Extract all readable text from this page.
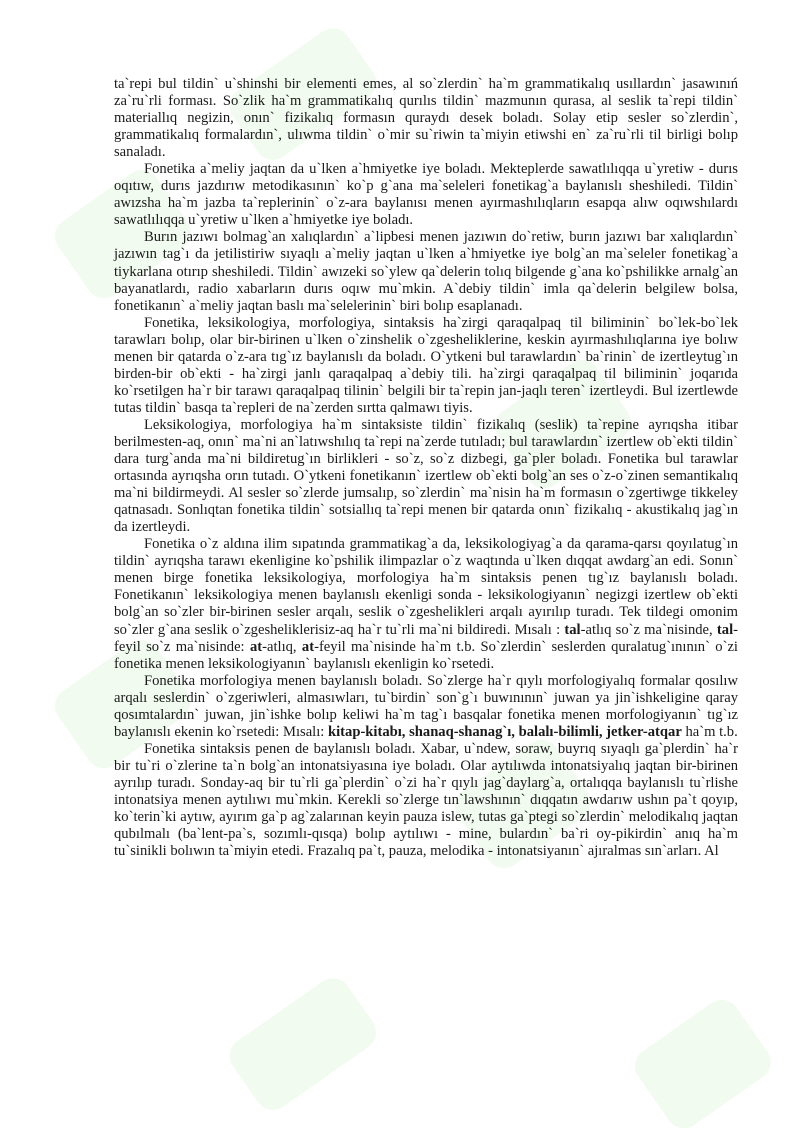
ta`repi bul tildin` u`shinshi bir elementi emes, al so`zlerdin` ha`m grammatikalıq usıllardın` jasawınıń za`ru`rli forması. So`zlik ha`m grammatikalıq qurılıs tildin` mazmunın qurasa, al seslik ta`repi tildin` materiallıq negizin, onın` fizikalıq formasın quraydı desek boladı. Solay etip sesler so`zlerdin`, grammatikalıq formalardın`, ulıwma tildin` o`mir su`riwin ta`miyin etiwshi en` za`ru`rli til birligi bolıp sanaladı.

Fonetika a`meliy jaqtan da u`lken a`hmiyetke iye boladı. Mekteplerde sawatlılıqqa u`yretiw - durıs oqıtıw, durıs jazdırıw metodikasının` ko`p g`ana ma`seleleri fonetikag`a baylanıslı sheshiledi. Tildin` awızsha ha`m jazba ta`replerinin` o`z-ara baylanısı menen ayırmashılıqların esapqa alıw oqıwshılardı sawatlılıqqa u`yretiw u`lken a`hmiyetke iye boladı.

Burın jazıwı bolmag`an xalıqlardın` a`lipbesi menen jazıwın do`retiw, burın jazıwı bar xalıqlardın` jazıwın tag`ı da jetilistiriw sıyaqlı a`meliy jaqtan u`lken a`hmiyetke iye bolg`an ma`seleler fonetikag`a tiykarlana otırıp sheshiledi. Tildin` awızeki so`ylew qa`delerin tolıq bilgende g`ana ko`pshilikke arnalg`an bayanatlardı, radio xabarların durıs oqıw mu`mkin. A`debiy tildin` imla qa`delerin belgilew bolsa, fonetikanın` a`meliy jaqtan baslı ma`selelerinin` biri bolıp esaplanadı.

Fonetika, leksikologiya, morfologiya, sintaksis ha`zirgi qaraqalpaq til biliminin` bo`lek-bo`lek tarawları bolıp, olar bir-birinen u`lken o`zinshelik o`zgesheliklerine, keskin ayırmashılıqlarına iye bolıw menen bir qatarda o`z-ara tıg`ız baylanıslı da boladı. O`ytkeni bul tarawlardın` ba`rinin` de izertleytug`ın birden-bir ob`ekti - ha`zirgi janlı qaraqalpaq a`debiy tili. ha`zirgi qaraqalpaq til biliminin` joqarıda ko`rsetilgen ha`r bir tarawı qaraqalpaq tilinin` belgili bir ta`repin jan-jaqlı teren` izertleydi. Bul izertlewde tutas tildin` basqa ta`repleri de na`zerden sırtta qalmawı tiyis.

Leksikologiya, morfologiya ha`m sintaksiste tildin` fizikalıq (seslik) ta`repine ayrıqsha itibar berilmesten-aq, onın` ma`ni an`latıwshılıq ta`repi na`zerde tutıladı; bul tarawlardın` izertlew ob`ekti tildin` dara turg`anda ma`ni bildiretug`ın birlikleri - so`z, so`z dizbegi, ga`pler boladı. Fonetika bul tarawlar ortasında ayrıqsha orın tutadı. O`ytkeni fonetikanın` izertlew ob`ekti bolg`an ses o`z-o`zinen semantikalıq ma`ni bildirmeydi. Al sesler so`zlerde jumsalıp, so`zlerdin` ma`nisin ha`m formasın o`zgertiwge tikkeley qatnasadı. Sonlıqtan fonetika tildin` sotsiallıq ta`repi menen bir qatarda onın` fizikalıq - akustikalıq jag`ın da izertleydi.

Fonetika o`z aldına ilim sıpatında grammatikag`a da, leksikologiyag`a da qarama-qarsı qoyılatug`ın tildin` ayrıqsha tarawı ekenligine ko`pshilik ilimpazlar o`z waqtında u`lken dıqqat awdarg`an edi. Sonın` menen birge fonetika leksikologiya, morfologiya ha`m sintaksis penen tıg`ız baylanıslı boladı. Fonetikanın` leksikologiya menen baylanıslı ekenligi sonda - leksikologiyanın` negizgi izertlew ob`ekti bolg`an so`zler bir-birinen sesler arqalı, seslik o`zgeshelikleri arqalı ayırılıp turadı. Tek tildegi omonim so`zler g`ana seslik o`zgesheliklerisiz-aq ha`r tu`rli ma`ni bildiredi. Mısalı : tal-atlıq so`z ma`nisinde, tal-feyil so`z ma`nisinde: at-atlıq, at-feyil ma`nisinde ha`m t.b. So`zlerdin` seslerden quralatug`ınının` o`zi fonetika menen leksikologiyanın` baylanıslı ekenligin ko`rsetedi.

Fonetika morfologiya menen baylanıslı boladı. So`zlerge ha`r qıylı morfologiyalıq formalar qosılıw arqalı seslerdin` o`zgeriwleri, almasıwları, tu`birdin` son`g`ı buwınının` juwan ya jin`ishkeligine qaray qosımtalardın` juwan, jin`ishke bolıp keliwi ha`m tag`ı basqalar fonetika menen morfologiyanın` tıg`ız baylanıslı ekenin ko`rsetedi: Mısalı: kitap-kitabı, shanaq-shanag`ı, balalı-bilimli, jetker-atqar ha`m t.b.

Fonetika sintaksis penen de baylanıslı boladı. Xabar, u`ndew, soraw, buyrıq sıyaqlı ga`plerdin` ha`r bir tu`ri o`zlerine ta`n bolg`an intonatsiyasına iye boladı. Olar aytılıwda intonatsiyalıq jaqtan bir-birinen ayrılıp turadı. Sonday-aq bir tu`rli ga`plerdin` o`zi ha`r qıylı jag`daylarg`a, ortalıqqa baylanıslı tu`rlishe intonatsiya menen aytılıwı mu`mkin. Kerekli so`zlerge tın`lawshının` dıqqatın awdarıw ushın pa`t qoyıp, ko`terin`ki aytıw, ayırım ga`p ag`zalarınan keyin pauza islew, tutas ga`ptegi so`zlerdin` melodikalıq jaqtan qubılmalı (ba`lent-pa`s, sozımlı-qısqa) bolıp aytılıwı - mine, bulardın` ba`ri oy-pikirdin` anıq ha`m tu`sinikli bolıwın ta`miyin etedi. Frazalıq pa`t, pauza, melodika - intonatsiyanın` ajıralmas sın`arları. Al
